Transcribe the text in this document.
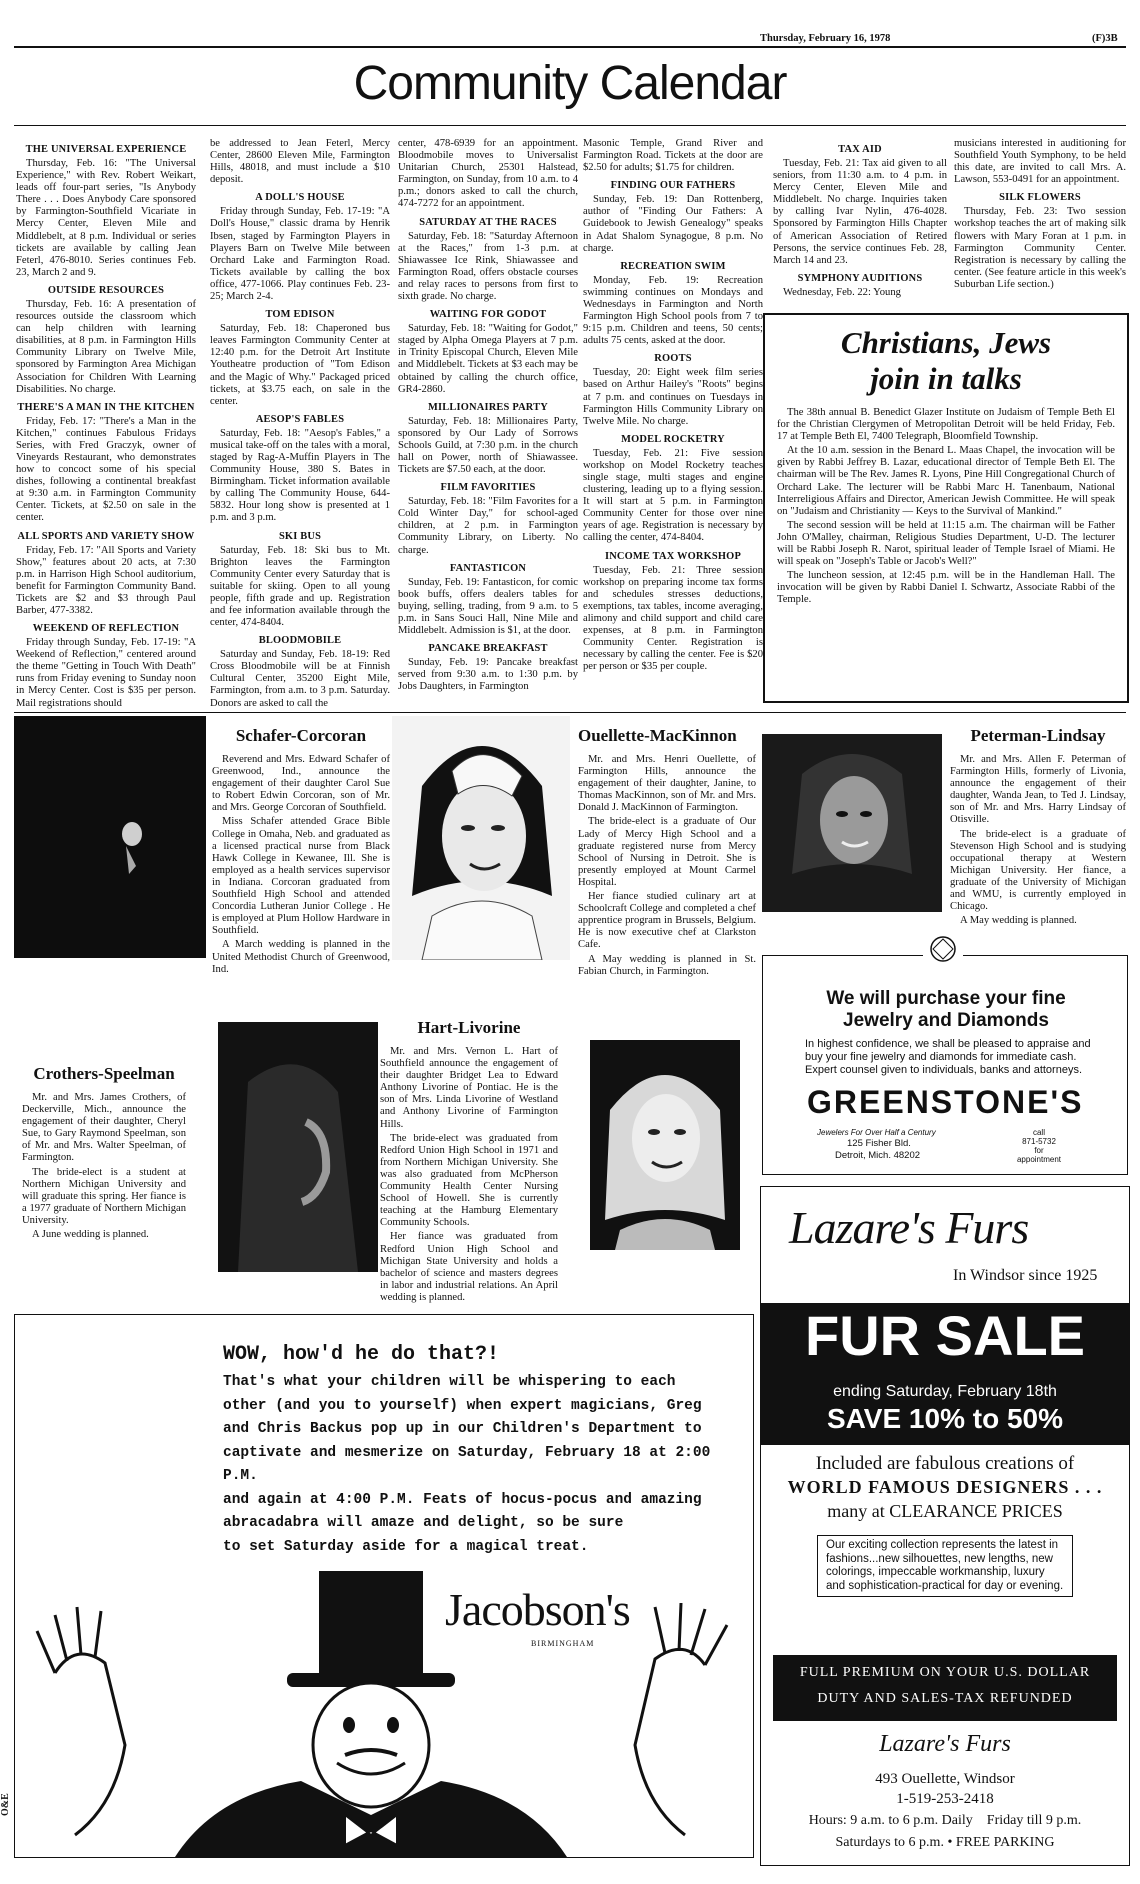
Thursday, February 16, 1978	(F)3B
Community Calendar
THE UNIVERSAL EXPERIENCE
Thursday, Feb. 16: "The Universal Experience," with Rev. Robert Weikart, leads off four-part series, "Is Anybody There . . . Does Anybody Care sponsored by Farmington-Southfield Vicariate in Mercy Center, Eleven Mile and Middlebelt, at 8 p.m. Individual or series tickets are available by calling Jean Feterl, 476-8010. Series continues Feb. 23, March 2 and 9.
OUTSIDE RESOURCES
Thursday, Feb. 16: A presentation of resources outside the classroom which can help children with learning disabilities, at 8 p.m. in Farmington Hills Community Library on Twelve Mile, sponsored by Farmington Area Michigan Association for Children With Learning Disabilities. No charge.
THERE'S A MAN IN THE KITCHEN
Friday, Feb. 17: "There's a Man in the Kitchen," continues Fabulous Fridays Series, with Fred Graczyk, owner of Vineyards Restaurant, who demonstrates how to concoct some of his special dishes, following a continental breakfast at 9:30 a.m. in Farmington Community Center. Tickets, at $2.50 on sale in the center.
ALL SPORTS AND VARIETY SHOW
Friday, Feb. 17: "All Sports and Variety Show," features about 20 acts, at 7:30 p.m. in Harrison High School auditorium, benefit for Farmington Community Band. Tickets are $2 and $3 through Paul Barber, 477-3382.
WEEKEND OF REFLECTION
Friday through Sunday, Feb. 17-19: "A Weekend of Reflection," centered around the theme "Getting in Touch With Death" runs from Friday evening to Sunday noon in Mercy Center. Cost is $35 per person. Mail registrations should
be addressed to Jean Feterl, Mercy Center, 28600 Eleven Mile, Farmington Hills, 48018, and must include a $10 deposit.
A DOLL'S HOUSE
Friday through Sunday, Feb. 17-19: "A Doll's House," classic drama by Henrik Ibsen, staged by Farmington Players in Players Barn on Twelve Mile between Orchard Lake and Farmington Road. Tickets available by calling the box office, 477-1066. Play continues Feb. 23-25; March 2-4.
TOM EDISON
Saturday, Feb. 18: Chaperoned bus leaves Farmington Community Center at 12:40 p.m. for the Detroit Art Institute Youtheatre production of "Tom Edison and the Magic of Why." Packaged priced tickets, at $3.75 each, on sale in the center.
AESOP'S FABLES
Saturday, Feb. 18: "Aesop's Fables," a musical take-off on the tales with a moral, staged by Rag-A-Muffin Players in The Community House, 380 S. Bates in Birmingham. Ticket information available by calling The Community House, 644-5832. Hour long show is presented at 1 p.m. and 3 p.m.
SKI BUS
Saturday, Feb. 18: Ski bus to Mt. Brighton leaves the Farmington Community Center every Saturday that is suitable for skiing. Open to all young people, fifth grade and up. Registration and fee information available through the center, 474-8404.
BLOODMOBILE
Saturday and Sunday, Feb. 18-19: Red Cross Bloodmobile will be at Finnish Cultural Center, 35200 Eight Mile, Farmington, from a.m. to 3 p.m. Saturday. Donors are asked to call the
center, 478-6939 for an appointment. Bloodmobile moves to Universalist Unitarian Church, 25301 Halstead, Farmington, on Sunday, from 10 a.m. to 4 p.m.; donors asked to call the church, 474-7272 for an appointment.
SATURDAY AT THE RACES
Saturday, Feb. 18: "Saturday Afternoon at the Races," from 1-3 p.m. at Shiawassee Ice Rink, Shiawassee and Farmington Road, offers obstacle courses and relay races to persons from first to sixth grade. No charge.
WAITING FOR GODOT
Saturday, Feb. 18: "Waiting for Godot," staged by Alpha Omega Players at 7 p.m. in Trinity Episcopal Church, Eleven Mile and Middlebelt. Tickets at $3 each may be obtained by calling the church office, GR4-2860.
MILLIONAIRES PARTY
Saturday, Feb. 18: Millionaires Party, sponsored by Our Lady of Sorrows Schools Guild, at 7:30 p.m. in the church hall on Power, north of Shiawassee. Tickets are $7.50 each, at the door.
FILM FAVORITIES
Saturday, Feb. 18: "Film Favorites for a Cold Winter Day," for school-aged children, at 2 p.m. in Farmington Community Library, on Liberty. No charge.
FANTASTICON
Sunday, Feb. 19: Fantasticon, for comic book buffs, offers dealers tables for buying, selling, trading, from 9 a.m. to 5 p.m. in Sans Souci Hall, Nine Mile and Middlebelt. Admission is $1, at the door.
PANCAKE BREAKFAST
Sunday, Feb. 19: Pancake breakfast served from 9:30 a.m. to 1:30 p.m. by Jobs Daughters, in Farmington
Masonic Temple, Grand River and Farmington Road. Tickets at the door are $2.50 for adults; $1.75 for children.
FINDING OUR FATHERS
Sunday, Feb. 19: Dan Rottenberg, author of "Finding Our Fathers: A Guidebook to Jewish Genealogy" speaks in Adat Shalom Synagogue, 8 p.m. No charge.
RECREATION SWIM
Monday, Feb. 19: Recreation swimming continues on Mondays and Wednesdays in Farmington and North Farmington High School pools from 7 to 9:15 p.m. Children and teens, 50 cents; adults 75 cents, asked at the door.
ROOTS
Tuesday, 20: Eight week film series based on Arthur Hailey's "Roots" begins at 7 p.m. and continues on Tuesdays in Farmington Hills Community Library on Twelve Mile. No charge.
MODEL ROCKETRY
Tuesday, Feb. 21: Five session workshop on Model Rocketry teaches single stage, multi stages and engine clustering, leading up to a flying session. It will start at 5 p.m. in Farmington Community Center for those over nine years of age. Registration is necessary by calling the center, 474-8404.
INCOME TAX WORKSHOP
Tuesday, Feb. 21: Three session workshop on preparing income tax forms and schedules stresses deductions, exemptions, tax tables, income averaging, alimony and child support and child care expenses, at 8 p.m. in Farmington Community Center. Registration is necessary by calling the center. Fee is $20 per person or $35 per couple.
TAX AID
Tuesday, Feb. 21: Tax aid given to all seniors, from 11:30 a.m. to 4 p.m. in Mercy Center, Eleven Mile and Middlebelt. No charge. Inquiries taken by calling Ivar Nylin, 476-4028. Sponsored by Farmington Hills Chapter of American Association of Retired Persons, the service continues Feb. 28, March 14 and 23.
SYMPHONY AUDITIONS
Wednesday, Feb. 22: Young
musicians interested in auditioning for Southfield Youth Symphony, to be held this date, are invited to call Mrs. A. Lawson, 553-0491 for an appointment.
SILK FLOWERS
Thursday, Feb. 23: Two session workshop teaches the art of making silk flowers with Mary Foran at 1 p.m. in Farmington Community Center. Registration is necessary by calling the center. (See feature article in this week's Suburban Life section.)
Christians, Jews join in talks
The 38th annual B. Benedict Glazer Institute on Judaism of Temple Beth El for the Christian Clergymen of Metropolitan Detroit will be held Friday, Feb. 17 at Temple Beth El, 7400 Telegraph, Bloomfield Township.
At the 10 a.m. session in the Benard L. Maas Chapel, the invocation will be given by Rabbi Jeffrey B. Lazar, educational director of Temple Beth El. The chairman will be The Rev. James R. Lyons, Pine Hill Congregational Church of Orchard Lake. The lecturer will be Rabbi Marc H. Tanenbaum, National Interreligious Affairs and Director, American Jewish Committee. He will speak on "Judaism and Christianity — Keys to the Survival of Mankind."
The second session will be held at 11:15 a.m. The chairman will be Father John O'Malley, chairman, Religious Studies Department, U-D. The lecturer will be Rabbi Joseph R. Narot, spiritual leader of Temple Israel of Miami. He will speak on "Joseph's Table or Jacob's Well?"
The luncheon session, at 12:45 p.m. will be in the Handleman Hall. The invocation will be given by Rabbi Daniel I. Schwartz, Associate Rabbi of the Temple.
Schafer-Corcoran
Reverend and Mrs. Edward Schafer of Greenwood, Ind., announce the engagement of their daughter Carol Sue to Robert Edwin Corcoran, son of Mr. and Mrs. George Corcoran of Southfield.
Miss Schafer attended Grace Bible College in Omaha, Neb. and graduated as a licensed practical nurse from Black Hawk College in Kewanee, Ill. She is employed as a health services supervisor in Indiana. Corcoran graduated from Southfield High School and attended Concordia Lutheran Junior College . He is employed at Plum Hollow Hardware in Southfield.
A March wedding is planned in the United Methodist Church of Greenwood, Ind.
Ouellette-MacKinnon
Mr. and Mrs. Henri Ouellette, of Farmington Hills, announce the engagement of their daughter, Janine, to Thomas MacKinnon, son of Mr. and Mrs. Donald J. MacKinnon of Farmington.
The bride-elect is a graduate of Our Lady of Mercy High School and a graduate registered nurse from Mercy School of Nursing in Detroit. She is presently employed at Mount Carmel Hospital.
Her fiance studied culinary art at Schoolcraft College and completed a chef apprentice program in Brussels, Belgium. He is now executive chef at Clarkston Cafe.
A May wedding is planned in St. Fabian Church, in Farmington.
Peterman-Lindsay
Mr. and Mrs. Allen F. Peterman of Farmington Hills, formerly of Livonia, announce the engagement of their daughter, Wanda Jean, to Ted J. Lindsay, son of Mr. and Mrs. Harry Lindsay of Otisville.
The bride-elect is a graduate of Stevenson High School and is studying occupational therapy at Western Michigan University. Her fiance, a graduate of the University of Michigan and WMU, is currently employed in Chicago.
A May wedding is planned.
We will purchase your fine
Jewelry and Diamonds
In highest confidence, we shall be pleased to appraise and buy your fine jewelry and diamonds for immediate cash. Expert counsel given to individuals, banks and attorneys.
GREENSTONE'S
Jewelers For Over Half a Century
125 Fisher Bld.
Detroit, Mich. 48202
call
871-5732
for
appointment
Crothers-Speelman
Mr. and Mrs. James Crothers, of Deckerville, Mich., announce the engagement of their daughter, Cheryl Sue, to Gary Raymond Speelman, son of Mr. and Mrs. Walter Speelman, of Farmington.
The bride-elect is a student at Northern Michigan University and will graduate this spring. Her fiance is a 1977 graduate of Northern Michigan University.
A June wedding is planned.
Hart-Livorine
Mr. and Mrs. Vernon L. Hart of Southfield announce the engagement of their daughter Bridget Lea to Edward Anthony Livorine of Pontiac. He is the son of Mrs. Linda Livorine of Westland and Anthony Livorine of Farmington Hills.
The bride-elect was graduated from Redford Union High School in 1971 and from Northern Michigan University. She was also graduated from McPherson Community Health Center Nursing School of Howell. She is currently teaching at the Hamburg Elementary Community Schools.
Her fiance was graduated from Redford Union High School and Michigan State University and holds a bachelor of science and masters degrees in labor and industrial relations. An April wedding is planned.
Lazare's Furs
In Windsor since 1925
FUR SALE
ending Saturday, February 18th
SAVE 10% to 50%
Included are fabulous creations of
WORLD FAMOUS DESIGNERS . . .
many at CLEARANCE PRICES
Our exciting collection represents the latest in fashions...new silhouettes, new lengths, new colorings, impeccable workmanship, luxury and sophistication-practical for day or evening.
FULL PREMIUM ON YOUR U.S. DOLLAR
DUTY AND SALES-TAX REFUNDED
Lazare's Furs
493 Ouellette, Windsor
1-519-253-2418
Hours: 9 a.m. to 6 p.m. Daily    Friday till 9 p.m.
Saturdays to 6 p.m. • FREE PARKING
WOW, how'd he do that?!
That's what your children will be whispering to each
other (and you to yourself) when expert magicians, Greg
and Chris Backus pop up in our Children's Department to
captivate and mesmerize on Saturday, February 18 at 2:00 P.M.
and again at 4:00 P.M. Feats of hocus-pocus and amazing
abracadabra will amaze and delight, so be sure
to set Saturday aside for a magical treat.
Jacobson's
BIRMINGHAM
O&E
